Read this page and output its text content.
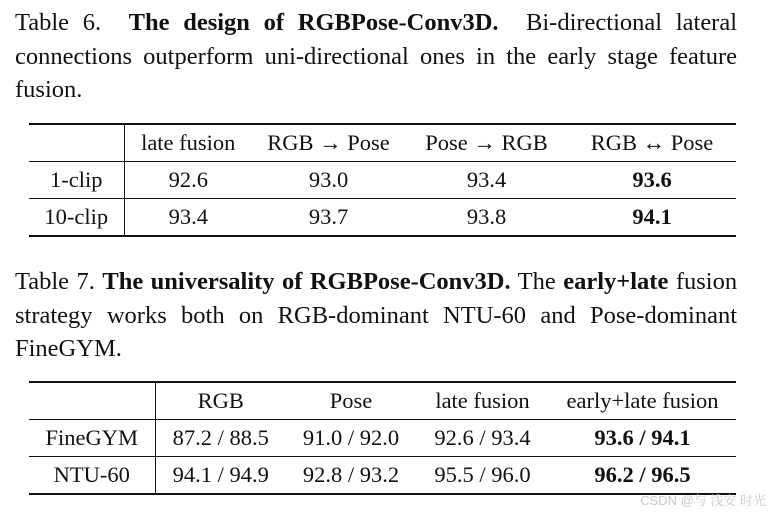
Table 6. The design of RGBPose-Conv3D. Bi-directional lateral connections outperform uni-directional ones in the early stage feature fusion.

	late fusion	RGB → Pose	Pose → RGB	RGB ↔ Pose
1-clip	92.6	93.0	93.4	93.6
10-clip	93.4	93.7	93.8	94.1

Table 7. The universality of RGBPose-Conv3D. The early+late fusion strategy works both on RGB-dominant NTU-60 and Pose-dominant FineGYM.

	RGB	Pose	late fusion	early+late fusion
FineGYM	87.2 / 88.5	91.0 / 92.0	92.6 / 93.4	93.6 / 94.1
NTU-60	94.1 / 94.9	92.8 / 93.2	95.5 / 96.0	96.2 / 96.5
CSDN @与 浅安 时光
